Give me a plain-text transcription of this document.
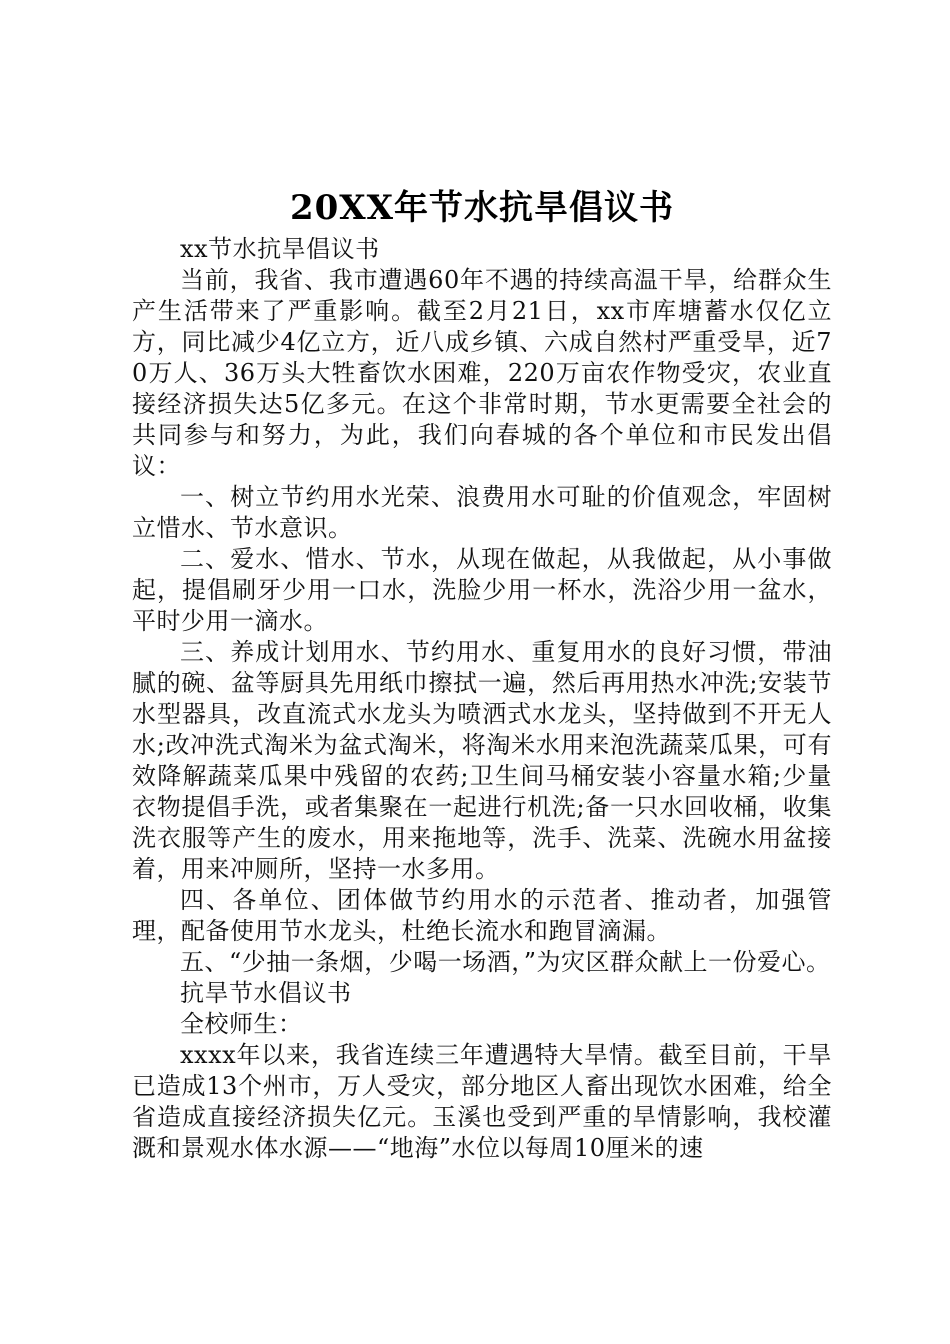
20XX年节水抗旱倡议书

xx节水抗旱倡议书

当前，我省、我市遭遇60年不遇的持续高温干旱，给群众生产生活带来了严重影响。截至2月21日，xx市库塘蓄水仅亿立方，同比减少4亿立方，近八成乡镇、六成自然村严重受旱，近70万人、36万头大牲畜饮水困难，220万亩农作物受灾，农业直接经济损失达5亿多元。在这个非常时期，节水更需要全社会的共同参与和努力，为此，我们向春城的各个单位和市民发出倡议：

一、树立节约用水光荣、浪费用水可耻的价值观念，牢固树立惜水、节水意识。

二、爱水、惜水、节水，从现在做起，从我做起，从小事做起，提倡刷牙少用一口水，洗脸少用一杯水，洗浴少用一盆水，平时少用一滴水。

三、养成计划用水、节约用水、重复用水的良好习惯，带油腻的碗、盆等厨具先用纸巾擦拭一遍，然后再用热水冲洗;安装节水型器具，改直流式水龙头为喷洒式水龙头，坚持做到不开无人水;改冲洗式淘米为盆式淘米，将淘米水用来泡洗蔬菜瓜果，可有效降解蔬菜瓜果中残留的农药;卫生间马桶安装小容量水箱;少量衣物提倡手洗，或者集聚在一起进行机洗;备一只水回收桶，收集洗衣服等产生的废水，用来拖地等，洗手、洗菜、洗碗水用盆接着，用来冲厕所，坚持一水多用。

四、各单位、团体做节约用水的示范者、推动者，加强管理，配备使用节水龙头，杜绝长流水和跑冒滴漏。

五、“少抽一条烟，少喝一场酒，”为灾区群众献上一份爱心。

抗旱节水倡议书

全校师生：

xxxx年以来，我省连续三年遭遇特大旱情。截至目前，干旱已造成13个州市，万人受灾，部分地区人畜出现饮水困难，给全省造成直接经济损失亿元。玉溪也受到严重的旱情影响，我校灌溉和景观水体水源——“地海”水位以每周10厘米的速
